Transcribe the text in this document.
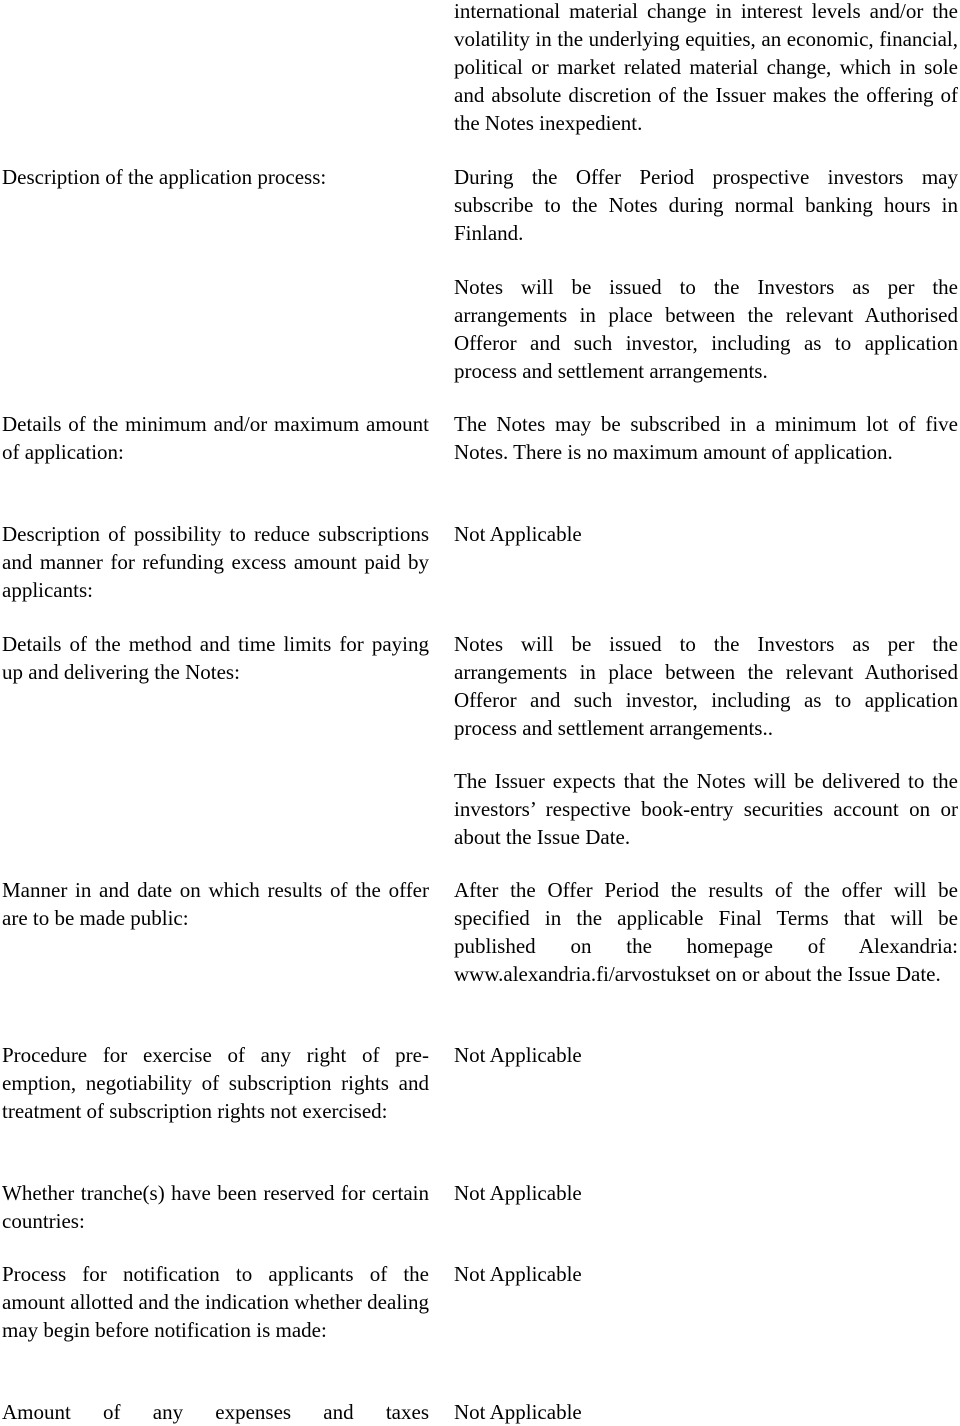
international material change in interest levels and/or the volatility in the underlying equities, an economic, financial, political or market related material change, which in sole and absolute discretion of the Issuer makes the offering of the Notes inexpedient.

Description of the application process:	During the Offer Period prospective investors may subscribe to the Notes during normal banking hours in Finland.

Notes will be issued to the Investors as per the arrangements in place between the relevant Authorised Offeror and such investor, including as to application process and settlement arrangements.

Details of the minimum and/or maximum amount of application:

The Notes may be subscribed in a minimum lot of five Notes. There is no maximum amount of application.

Description of possibility to reduce subscriptions and manner for refunding excess amount paid by applicants:

Not Applicable

Details of the method and time limits for paying up and delivering the Notes:

Notes will be issued to the Investors as per the arrangements in place between the relevant Authorised Offeror and such investor, including as to application process and settlement arrangements..

The Issuer expects that the Notes will be delivered to the investors’ respective book-entry securities account on or about the Issue Date.

Manner in and date on which results of the offer are to be made public:

After the Offer Period the results of the offer will be specified in the applicable Final Terms that will be published on the homepage of Alexandria: www.alexandria.fi/arvostukset on or about the Issue Date.

Procedure for exercise of any right of pre-emption, negotiability of subscription rights and treatment of subscription rights not exercised:

Not Applicable

Whether tranche(s) have been reserved for certain countries:

Not Applicable

Process for notification to applicants of the amount allotted and the indication whether dealing may begin before notification is made:

Not Applicable

Amount of any expenses and taxes Not Applicable
